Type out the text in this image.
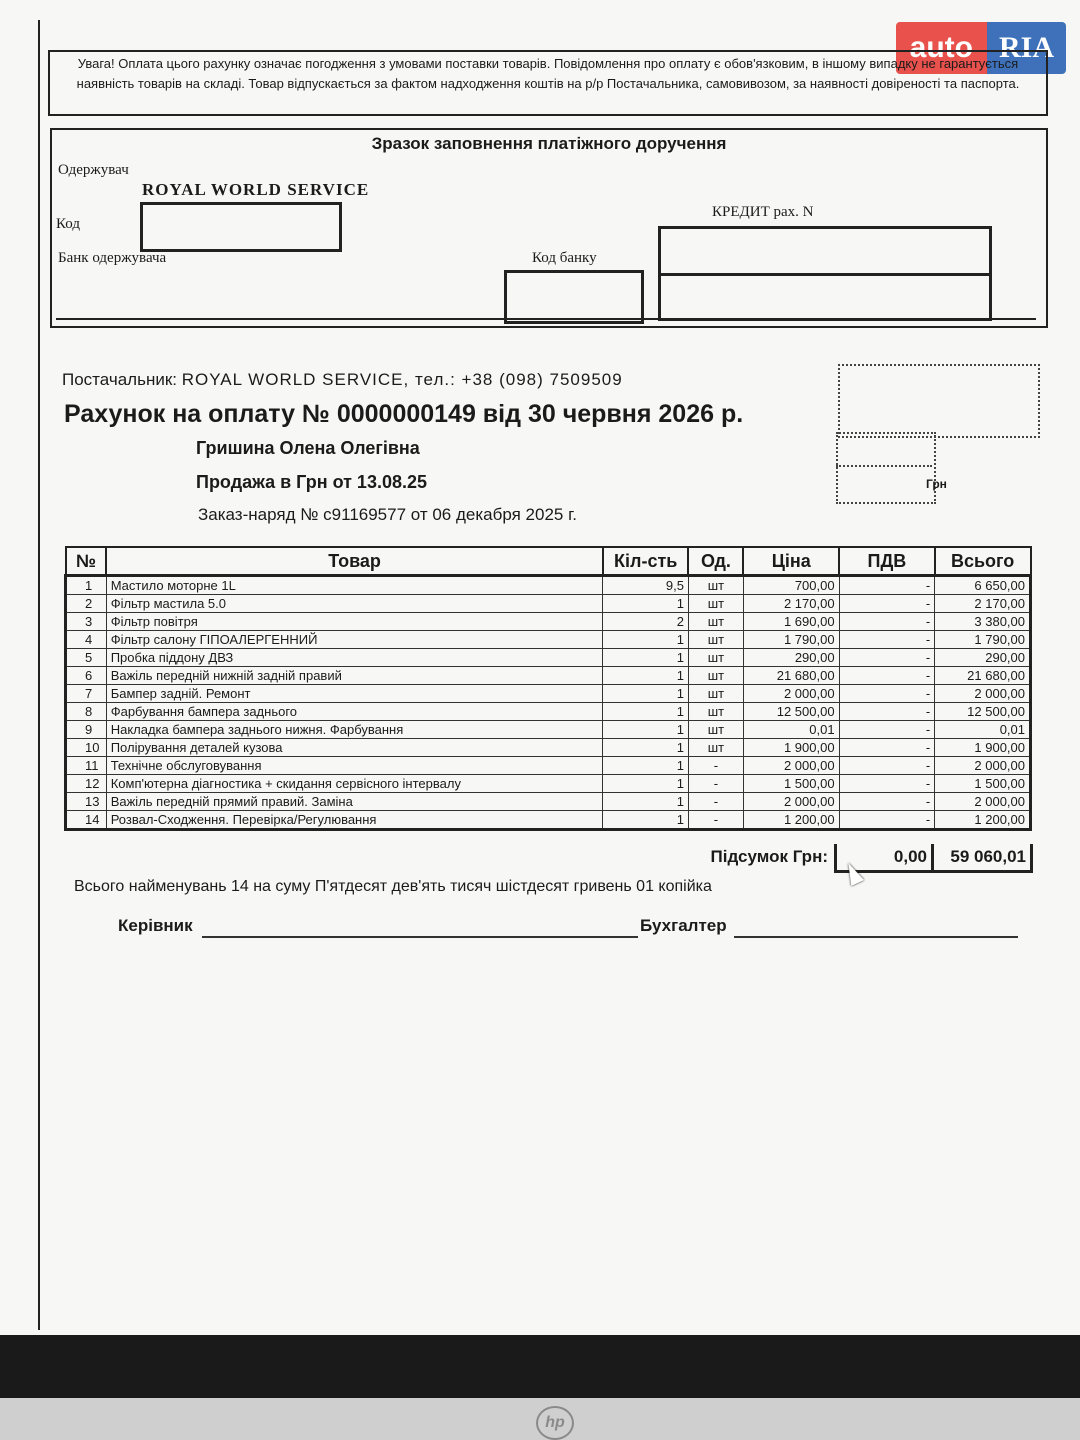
auto RIA
Увага! Оплата цього рахунку означає погодження з умовами поставки товарів. Повідомлення про оплату є обов'язковим, в іншому випадку не гарантується наявність товарів на складі. Товар відпускається за фактом надходження коштів на р/р Постачальника, самовивозом, за наявності довіреності та паспорта.
Зразок заповнення платіжного доручення
Одержувач
ROYAL WORLD SERVICE
Код
Банк одержувача	Код банку
КРЕДИТ рах. N
Постачальник: ROYAL WORLD SERVICE, тел.: +38 (098) 7509509
Рахунок на оплату № 0000000149 від 30 червня 2026 р.
Гришина Олена Олегівна
Продажа в Грн от 13.08.25
Заказ-наряд № с91169577 от 06 декабря 2025 г.
Грн
№	Товар	Кіл-сть	Од.	Ціна	ПДВ	Всього
1	Мастило моторне 1L	9,5	шт	700,00	-	6 650,00
2	Фільтр мастила 5.0	1	шт	2 170,00	-	2 170,00
3	Фільтр повітря	2	шт	1 690,00	-	3 380,00
4	Фільтр салону ГІПОАЛЕРГЕННИЙ	1	шт	1 790,00	-	1 790,00
5	Пробка піддону ДВЗ	1	шт	290,00	-	290,00
6	Важіль передній нижній задній правий	1	шт	21 680,00	-	21 680,00
7	Бампер задній. Ремонт	1	шт	2 000,00	-	2 000,00
8	Фарбування бампера заднього	1	шт	12 500,00	-	12 500,00
9	Накладка бампера заднього нижня. Фарбування	1	шт	0,01	-	0,01
10	Полірування деталей кузова	1	шт	1 900,00	-	1 900,00
11	Технічне обслуговування	1	-	2 000,00	-	2 000,00
12	Комп'ютерна діагностика + скидання сервісного інтервалу	1	-	1 500,00	-	1 500,00
13	Важіль передній прямий правий. Заміна	1	-	2 000,00	-	2 000,00
14	Розвал-Сходження. Перевірка/Регулювання	1	-	1 200,00	-	1 200,00
Підсумок Грн:	0,00	59 060,01
Всього найменувань 14 на суму П'ятдесят дев'ять тисяч шістдесят гривень 01 копійка
Керівник	Бухгалтер
hp
